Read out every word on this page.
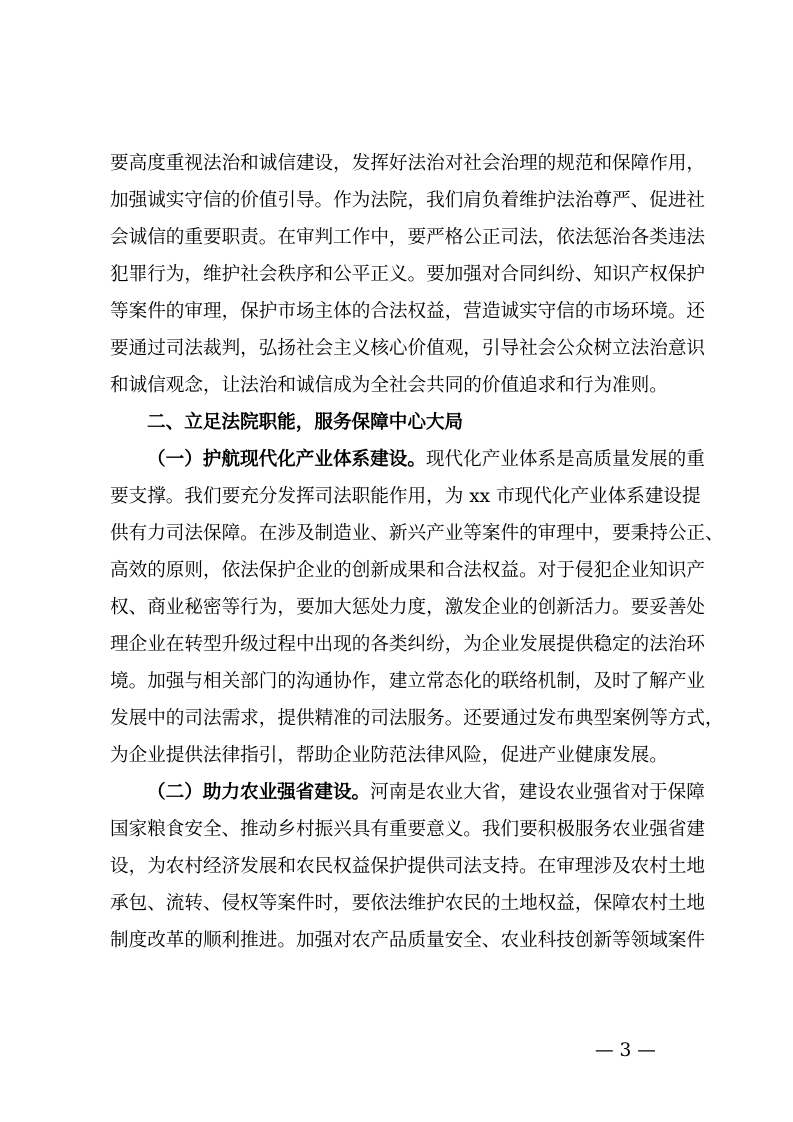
要高度重视法治和诚信建设，发挥好法治对社会治理的规范和保障作用，
加强诚实守信的价值引导。作为法院，我们肩负着维护法治尊严、促进社
会诚信的重要职责。在审判工作中，要严格公正司法，依法惩治各类违法
犯罪行为，维护社会秩序和公平正义。要加强对合同纠纷、知识产权保护
等案件的审理，保护市场主体的合法权益，营造诚实守信的市场环境。还
要通过司法裁判，弘扬社会主义核心价值观，引导社会公众树立法治意识
和诚信观念，让法治和诚信成为全社会共同的价值追求和行为准则。
二、立足法院职能，服务保障中心大局
（一）护航现代化产业体系建设。现代化产业体系是高质量发展的重
要支撑。我们要充分发挥司法职能作用，为 xx 市现代化产业体系建设提
供有力司法保障。在涉及制造业、新兴产业等案件的审理中，要秉持公正、
高效的原则，依法保护企业的创新成果和合法权益。对于侵犯企业知识产
权、商业秘密等行为，要加大惩处力度，激发企业的创新活力。要妥善处
理企业在转型升级过程中出现的各类纠纷，为企业发展提供稳定的法治环
境。加强与相关部门的沟通协作，建立常态化的联络机制，及时了解产业
发展中的司法需求，提供精准的司法服务。还要通过发布典型案例等方式，
为企业提供法律指引，帮助企业防范法律风险，促进产业健康发展。
（二）助力农业强省建设。河南是农业大省，建设农业强省对于保障
国家粮食安全、推动乡村振兴具有重要意义。我们要积极服务农业强省建
设，为农村经济发展和农民权益保护提供司法支持。在审理涉及农村土地
承包、流转、侵权等案件时，要依法维护农民的土地权益，保障农村土地
制度改革的顺利推进。加强对农产品质量安全、农业科技创新等领域案件
— 3 —
